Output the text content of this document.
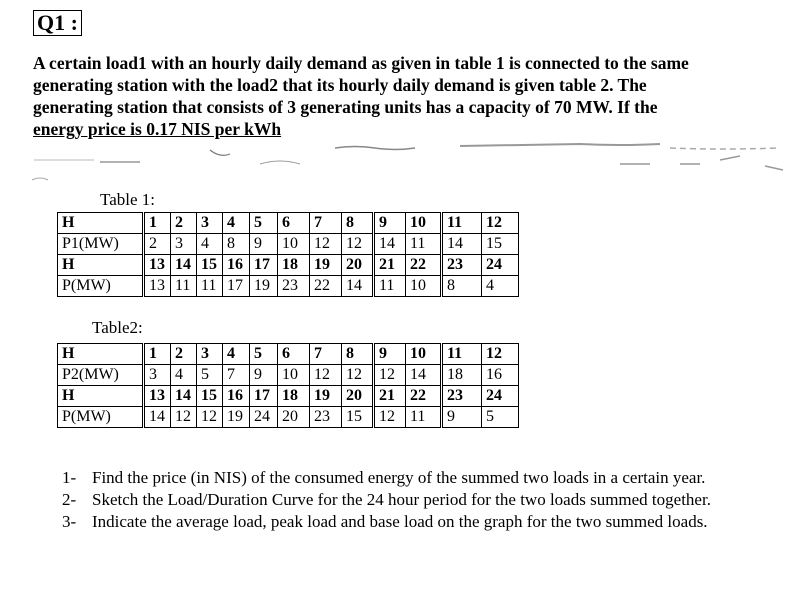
Q1 :
A certain load1 with an hourly daily demand as given in table 1 is connected to the same
generating station with the load2 that its hourly daily demand is given table 2. The
generating station that consists of 3 generating units has a capacity of 70 MW. If the
energy price is 0.17 NIS per kWh
Table 1:
H	1	2	3	4	5	6	7	8	9	10	11	12
P1(MW)	2	3	4	8	9	10	12	12	14	11	14	15
H	13	14	15	16	17	18	19	20	21	22	23	24
P(MW)	13	11	11	17	19	23	22	14	11	10	8	4
Table2:
H	1	2	3	4	5	6	7	8	9	10	11	12
P2(MW)	3	4	5	7	9	10	12	12	12	14	18	16
H	13	14	15	16	17	18	19	20	21	22	23	24
P(MW)	14	12	12	19	24	20	23	15	12	11	9	5
1- Find the price (in NIS) of the consumed energy of the summed two loads in a certain year.
2- Sketch the Load/Duration Curve for the 24 hour period for the two loads summed together.
3- Indicate the average load, peak load and base load on the graph for the two summed loads.
